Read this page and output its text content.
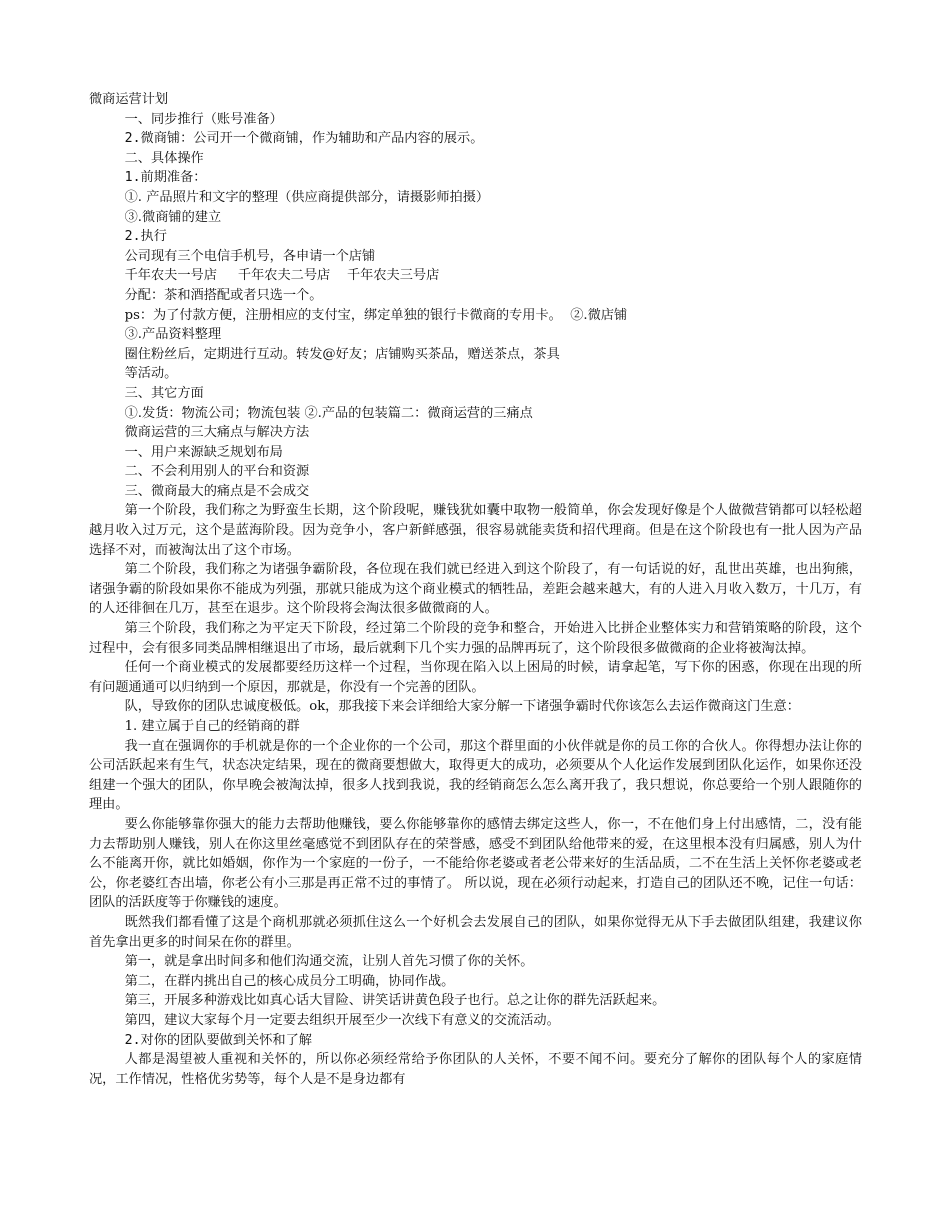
微商运营计划
一、同步推行（账号准备）
2.微商铺：公司开一个微商铺，作为辅助和产品内容的展示。
二、具体操作
1.前期准备：
①. 产品照片和文字的整理（供应商提供部分，请摄影师拍摄）
③.微商铺的建立
2.执行
公司现有三个电信手机号，各申请一个店铺
千年农夫一号店     千年农夫二号店    千年农夫三号店
分配：茶和酒搭配或者只选一个。
ps：为了付款方便，注册相应的支付宝，绑定单独的银行卡微商的专用卡。  ②.微店铺
③.产品资料整理
圈住粉丝后，定期进行互动。转发@好友；店铺购买茶品，赠送茶点，茶具
等活动。
三、其它方面
①.发货：物流公司；物流包装 ②.产品的包装篇二：微商运营的三痛点
微商运营的三大痛点与解决方法
一、用户来源缺乏规划布局
二、不会利用别人的平台和资源
三、微商最大的痛点是不会成交
第一个阶段，我们称之为野蛮生长期，这个阶段呢，赚钱犹如囊中取物一般简单，你会发现好像是个人做微营销都可以轻松超越月收入过万元，这个是蓝海阶段。因为竞争小，客户新鲜感强，很容易就能卖货和招代理商。但是在这个阶段也有一批人因为产品选择不对，而被淘汰出了这个市场。
第二个阶段，我们称之为诸强争霸阶段，各位现在我们就已经进入到这个阶段了，有一句话说的好，乱世出英雄，也出狗熊，诸强争霸的阶段如果你不能成为列强，那就只能成为这个商业模式的牺牲品，差距会越来越大，有的人进入月收入数万，十几万，有的人还徘徊在几万，甚至在退步。这个阶段将会淘汰很多做微商的人。
第三个阶段，我们称之为平定天下阶段，经过第二个阶段的竞争和整合，开始进入比拼企业整体实力和营销策略的阶段，这个过程中，会有很多同类品牌相继退出了市场，最后就剩下几个实力强的品牌再玩了，这个阶段很多做微商的企业将被淘汰掉。
任何一个商业模式的发展都要经历这样一个过程，当你现在陷入以上困局的时候，请拿起笔，写下你的困惑，你现在出现的所有问题通通可以归纳到一个原因，那就是，你没有一个完善的团队。
队，导致你的团队忠诚度极低。ok，那我接下来会详细给大家分解一下诸强争霸时代你该怎么去运作微商这门生意：
1. 建立属于自己的经销商的群
我一直在强调你的手机就是你的一个企业你的一个公司，那这个群里面的小伙伴就是你的员工你的合伙人。你得想办法让你的公司活跃起来有生气，状态决定结果，现在的微商要想做大，取得更大的成功，必须要从个人化运作发展到团队化运作，如果你还没组建一个强大的团队，你早晚会被淘汰掉，很多人找到我说，我的经销商怎么怎么离开我了，我只想说，你总要给一个别人跟随你的理由。
要么你能够靠你强大的能力去帮助他赚钱，要么你能够靠你的感情去绑定这些人，你一，不在他们身上付出感情，二，没有能力去帮助别人赚钱，别人在你这里丝毫感觉不到团队存在的荣誉感，感受不到团队给他带来的爱，在这里根本没有归属感，别人为什么不能离开你，就比如婚姻，你作为一个家庭的一份子，一不能给你老婆或者老公带来好的生活品质，二不在生活上关怀你老婆或老公，你老婆红杏出墙，你老公有小三那是再正常不过的事情了。 所以说，现在必须行动起来，打造自己的团队还不晚，记住一句话：团队的活跃度等于你赚钱的速度。
既然我们都看懂了这是个商机那就必须抓住这么一个好机会去发展自己的团队，如果你觉得无从下手去做团队组建，我建议你首先拿出更多的时间呆在你的群里。
第一，就是拿出时间多和他们沟通交流，让别人首先习惯了你的关怀。
第二，在群内挑出自己的核心成员分工明确，协同作战。
第三，开展多种游戏比如真心话大冒险、讲笑话讲黄色段子也行。总之让你的群先活跃起来。
第四，建议大家每个月一定要去组织开展至少一次线下有意义的交流活动。
2.对你的团队要做到关怀和了解
人都是渴望被人重视和关怀的，所以你必须经常给予你团队的人关怀，不要不闻不问。要充分了解你的团队每个人的家庭情况，工作情况，性格优劣势等，每个人是不是身边都有
